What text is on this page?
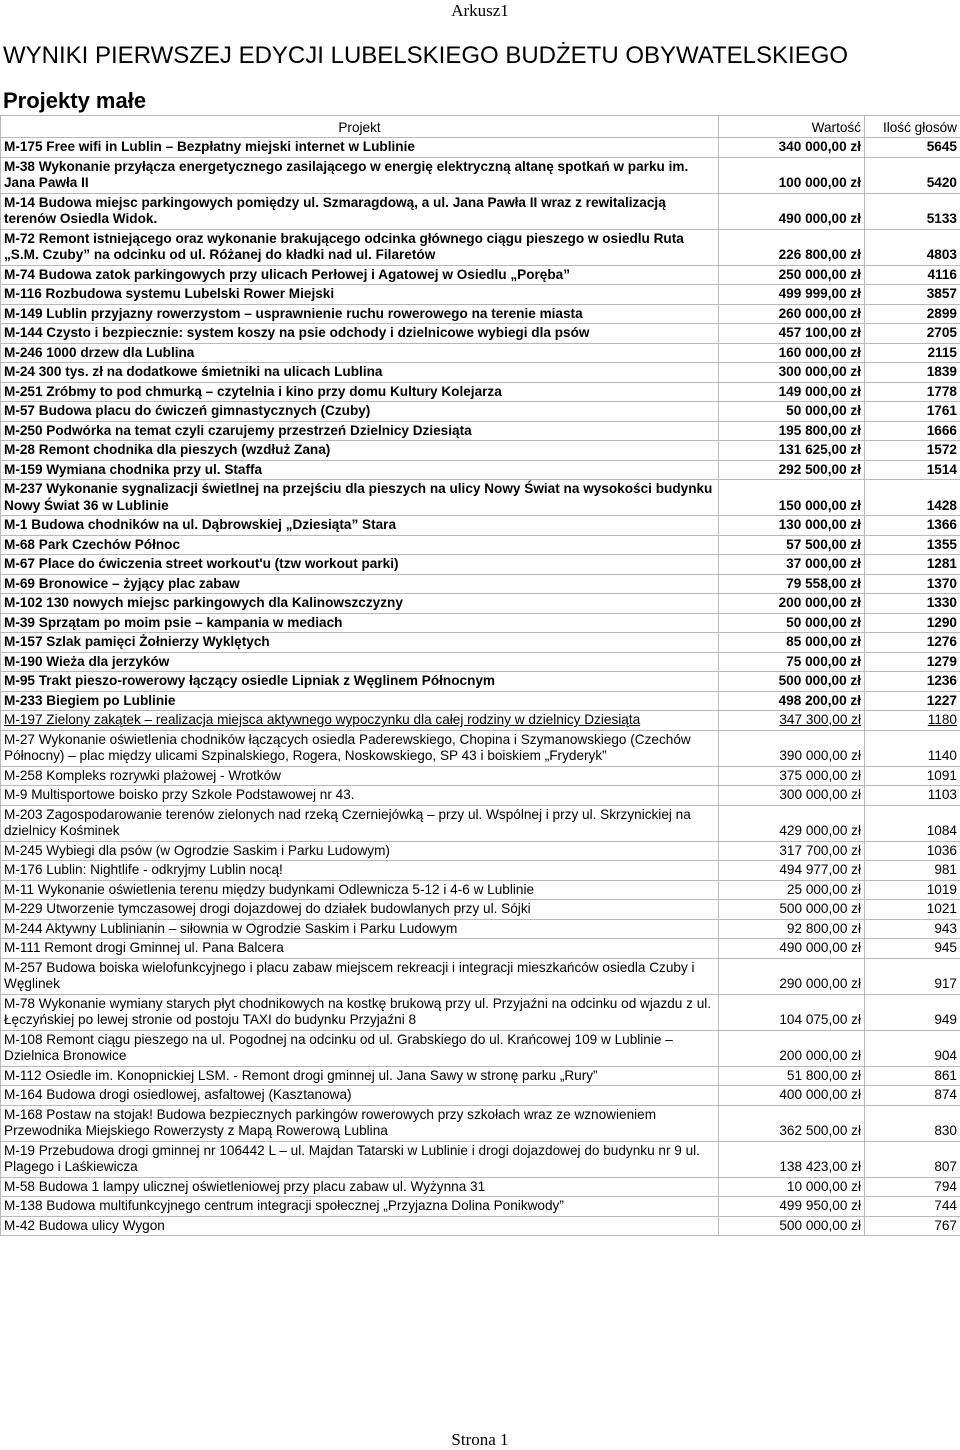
Arkusz1
WYNIKI PIERWSZEJ EDYCJI LUBELSKIEGO BUDŻETU OBYWATELSKIEGO
Projekty małe
Projekt	Wartość	Ilość głosów
M-175 Free wifi in Lublin – Bezpłatny miejski internet w Lublinie	340 000,00 zł	5645
M-38 Wykonanie przyłącza energetycznego zasilającego w energię elektryczną altanę spotkań w parku im. Jana Pawła II	100 000,00 zł	5420
M-14 Budowa miejsc parkingowych pomiędzy ul. Szmaragdową, a ul. Jana Pawła II wraz z rewitalizacją terenów Osiedla Widok.	490 000,00 zł	5133
M-72 Remont istniejącego oraz wykonanie brakującego odcinka głównego ciągu pieszego w osiedlu Ruta „S.M. Czuby” na odcinku od ul. Różanej do kładki nad ul. Filaretów	226 800,00 zł	4803
M-74 Budowa zatok parkingowych przy ulicach Perłowej i Agatowej w Osiedlu „Poręba”	250 000,00 zł	4116
M-116 Rozbudowa systemu Lubelski Rower Miejski	499 999,00 zł	3857
M-149 Lublin przyjazny rowerzystom – usprawnienie ruchu rowerowego na terenie miasta	260 000,00 zł	2899
M-144 Czysto i bezpiecznie: system koszy na psie odchody i dzielnicowe wybiegi dla psów	457 100,00 zł	2705
M-246 1000 drzew dla Lublina	160 000,00 zł	2115
M-24 300 tys. zł na dodatkowe śmietniki na ulicach Lublina	300 000,00 zł	1839
M-251 Zróbmy to pod chmurką – czytelnia i kino przy domu Kultury Kolejarza	149 000,00 zł	1778
M-57 Budowa placu do ćwiczeń gimnastycznych (Czuby)	50 000,00 zł	1761
M-250 Podwórka na temat czyli czarujemy przestrzeń Dzielnicy Dziesiąta	195 800,00 zł	1666
M-28 Remont chodnika dla pieszych (wzdłuż Zana)	131 625,00 zł	1572
M-159 Wymiana chodnika przy ul. Staffa	292 500,00 zł	1514
M-237 Wykonanie sygnalizacji świetlnej na przejściu dla pieszych na ulicy Nowy Świat na wysokości budynku Nowy Świat 36 w Lublinie	150 000,00 zł	1428
M-1 Budowa chodników na ul. Dąbrowskiej „Dziesiąta” Stara	130 000,00 zł	1366
M-68 Park Czechów Północ	57 500,00 zł	1355
M-67 Place do ćwiczenia street workout'u (tzw workout parki)	37 000,00 zł	1281
M-69 Bronowice – żyjący plac zabaw	79 558,00 zł	1370
M-102 130 nowych miejsc parkingowych dla Kalinowszczyzny	200 000,00 zł	1330
M-39 Sprzątam po moim psie – kampania w mediach	50 000,00 zł	1290
M-157 Szlak pamięci Żołnierzy Wyklętych	85 000,00 zł	1276
M-190 Wieża dla jerzyków	75 000,00 zł	1279
M-95 Trakt pieszo-rowerowy łączący osiedle Lipniak z Węglinem Północnym	500 000,00 zł	1236
M-233 Biegiem po Lublinie	498 200,00 zł	1227
M-197 Zielony zakątek – realizacja miejsca aktywnego wypoczynku dla całej rodziny w dzielnicy Dziesiąta	347 300,00 zł	1180
M-27 Wykonanie oświetlenia chodników łączących osiedla Paderewskiego, Chopina i Szymanowskiego (Czechów Północny) – plac między ulicami Szpinalskiego, Rogera, Noskowskiego, SP 43 i boiskiem „Fryderyk”	390 000,00 zł	1140
M-258 Kompleks rozrywki plażowej - Wrotków	375 000,00 zł	1091
M-9 Multisportowe boisko przy Szkole Podstawowej nr 43.	300 000,00 zł	1103
M-203 Zagospodarowanie terenów zielonych nad rzeką Czerniejówką – przy ul. Wspólnej i przy ul. Skrzynickiej na dzielnicy Kośminek	429 000,00 zł	1084
M-245 Wybiegi dla psów (w Ogrodzie Saskim i Parku Ludowym)	317 700,00 zł	1036
M-176 Lublin: Nightlife - odkryjmy Lublin nocą!	494 977,00 zł	981
M-11 Wykonanie oświetlenia terenu między budynkami Odlewnicza 5-12 i 4-6 w Lublinie	25 000,00 zł	1019
M-229 Utworzenie tymczasowej drogi dojazdowej do działek budowlanych przy ul. Sójki	500 000,00 zł	1021
M-244 Aktywny Lublinianin – siłownia w Ogrodzie Saskim i Parku Ludowym	92 800,00 zł	943
M-111 Remont drogi Gminnej ul. Pana Balcera	490 000,00 zł	945
M-257 Budowa boiska wielofunkcyjnego i placu zabaw miejscem rekreacji i integracji mieszkańców osiedla Czuby i Węglinek	290 000,00 zł	917
M-78 Wykonanie wymiany starych płyt chodnikowych na kostkę brukową przy ul. Przyjaźni na odcinku od wjazdu z ul. Łęczyńskiej po lewej stronie od postoju TAXI do budynku Przyjaźni 8	104 075,00 zł	949
M-108 Remont ciągu pieszego na ul. Pogodnej na odcinku od ul. Grabskiego do ul. Krańcowej 109 w Lublinie – Dzielnica Bronowice	200 000,00 zł	904
M-112 Osiedle im. Konopnickiej LSM. - Remont drogi gminnej ul. Jana Sawy w stronę parku „Rury”	51 800,00 zł	861
M-164 Budowa drogi osiedlowej, asfaltowej (Kasztanowa)	400 000,00 zł	874
M-168 Postaw na stojak! Budowa bezpiecznych parkingów rowerowych przy szkołach wraz ze wznowieniem Przewodnika Miejskiego Rowerzysty z Mapą Rowerową Lublina	362 500,00 zł	830
M-19 Przebudowa drogi gminnej nr 106442 L – ul. Majdan Tatarski w Lublinie i drogi dojazdowej do budynku nr 9 ul. Plagego i Laśkiewicza	138 423,00 zł	807
M-58 Budowa 1 lampy ulicznej oświetleniowej przy placu zabaw ul. Wyżynna 31	10 000,00 zł	794
M-138 Budowa multifunkcyjnego centrum integracji społecznej „Przyjazna Dolina Ponikwody”	499 950,00 zł	744
M-42 Budowa ulicy Wygon	500 000,00 zł	767
Strona 1
